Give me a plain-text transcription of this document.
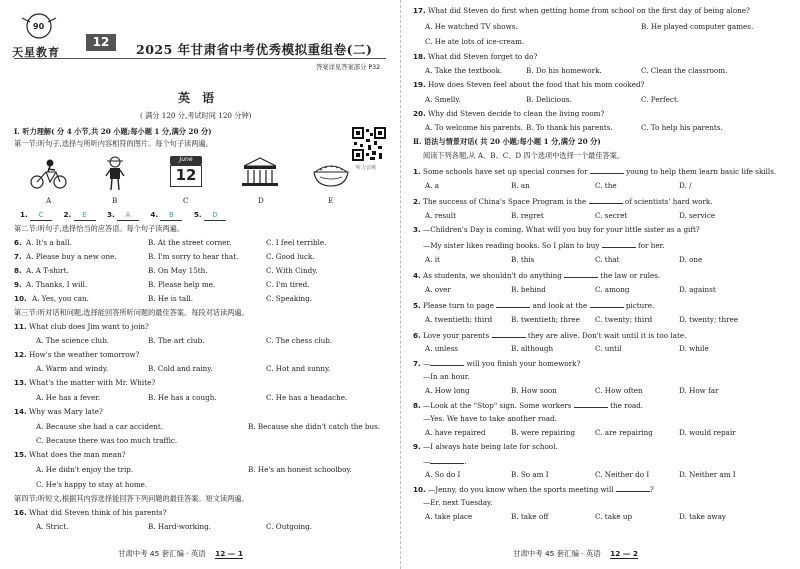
90
天星教育
12	2025 年甘肃省中考优秀模拟重组卷(二)
答案详见答案部分 P32
英 语
( 满分 120 分,考试时间 120 分钟)
听力音频
Ⅰ. 听力理解( 分 4 小节,共 20 小题;每小题 1 分,满分 20 分)
第一节:听句子,选择与所听内容相符的图片。每个句子读两遍。
June
12
A	B	C	D	E
1. C	2. E	3. A	4. B	5. D
第二节:听句子,选择恰当的应答语。每个句子读两遍。
6. A. It's a ball.	B. At the street corner.	C. I feel terrible.
7. A. Please buy a new one.	B. I'm sorry to hear that.	C. Good luck.
8. A. A T-shirt.	B. On May 15th.	C. With Cindy.
9. A. Thanks, I will.	B. Please help me.	C. I'm tired.
10. A. Yes, you can.	B. He is tall.	C. Speaking.
第三节:听对话和问题,选择能回答所听问题的最佳答案。每段对话读两遍。
11. What club does Jim want to join?
A. The science club.	B. The art club.	C. The chess club.
12. How's the weather tomorrow?
A. Warm and windy.	B. Cold and rainy.	C. Hot and sunny.
13. What's the matter with Mr. White?
A. He has a fever.	B. He has a cough.	C. He has a headache.
14. Why was Mary late?
A. Because she had a car accident.	B. Because she didn't catch the bus.
C. Because there was too much traffic.
15. What does the man mean?
A. He didn't enjoy the trip.	B. He's an honest schoolboy.
C. He's happy to stay at home.
第四节:听短文,根据其内容选择能回答下列问题的最佳答案。短文读两遍。
16. What did Steven think of his parents?
A. Strict.	B. Hard-working.	C. Outgoing.
甘肃中考 45 套汇编 · 英语 12 — 1
17. What did Steven do first when getting home from school on the first day of being alone?
A. He watched TV shows.	B. He played computer games.
C. He ate lots of ice-cream.
18. What did Steven forget to do?
A. Take the textbook.	B. Do his homework.	C. Clean the classroom.
19. How does Steven feel about the food that his mom cooked?
A. Smelly.	B. Delicious.	C. Perfect.
20. Why did Steven decide to clean the living room?
A. To welcome his parents. B. To thank his parents.	C. To help his parents.
Ⅱ. 语法与情景对话( 共 20 小题;每小题 1 分,满分 20 分)
阅读下列各题,从 A、B、C、D 四个选项中选择一个最佳答案。
1. Some schools have set up special courses for	young to help them learn basic life skills.
A. a	B. an	C. the	D. /
2. The success of China's Space Program is the	of scientists' hard work.
A. result	B. regret	C. secret	D. service
3. —Children's Day is coming. What will you buy for your little sister as a gift?
—My sister likes reading books. So I plan to buy	for her.
A. it	B. this	C. that	D. one
4. As students, we shouldn't do anything	the law or rules.
A. over	B. behind	C. among	D. against
5. Please turn to page	and look at the	picture.
A. twentieth; third	B. twentieth; three C. twenty; third	D. twenty; three
6. Love your parents	they are alive. Don't wait until it is too late.
A. unless	B. although	C. until	D. while
7. —	will you finish your homework?
—In an hour.
A. How long	B. How soon	C. How often	D. How far
8. —Look at the "Stop" sign. Some workers	the road.
—Yes. We have to take another road.
A. have repaired	B. were repairing	C. are repairing	D. would repair
9. —I always hate being late for school.
—	.
A. So do I	B. So am I	C. Neither do I	D. Neither am I
10. —Jenny, do you know when the sports meeting will	?
—Er, next Tuesday.
A. take place	B. take off	C. take up	D. take away
甘肃中考 45 套汇编 · 英语 12 — 2
